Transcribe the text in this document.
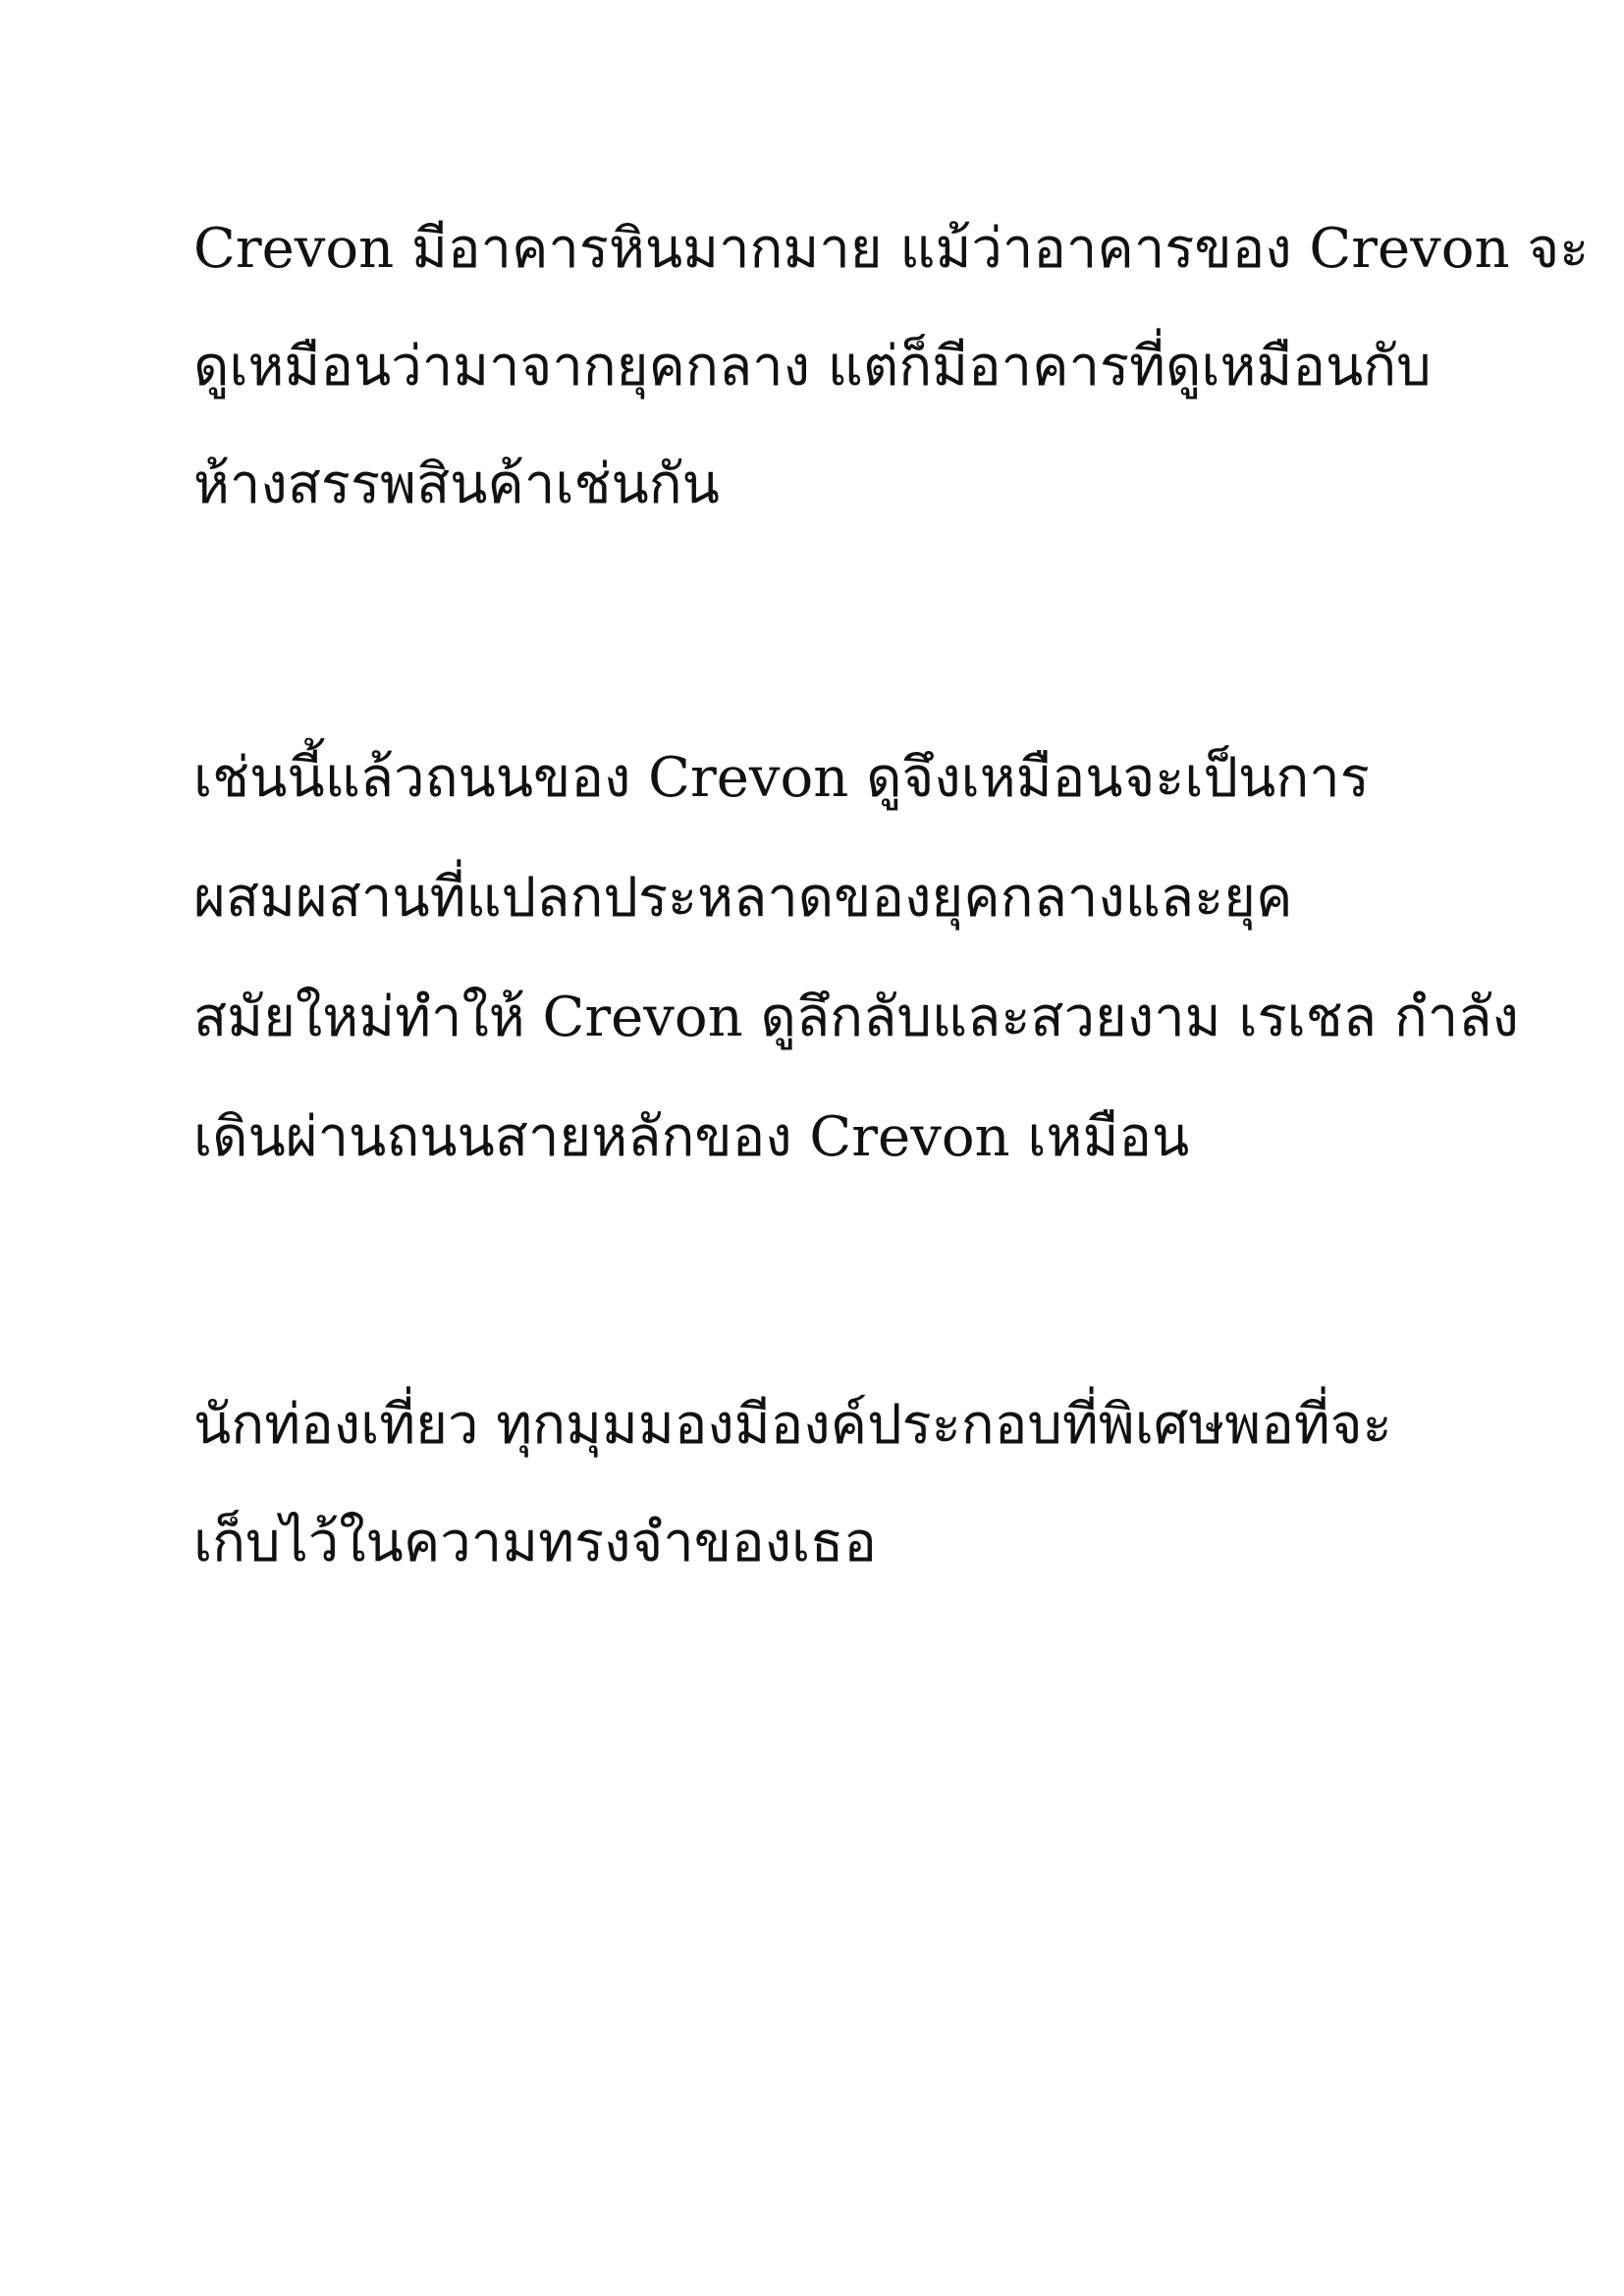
Crevon มีอาคารหินมากมาย แม้ว่าอาคารของ Crevon จะ
ดูเหมือนว่ามาจากยุคกลาง แต่ก็มีอาคารที่ดูเหมือนกับ
ห้างสรรพสินค้าเช่นกัน
เช่นนี้แล้วถนนของ Crevon ดูจึงเหมือนจะเป็นการ
ผสมผสานที่แปลกประหลาดของยุคกลางและยุค
สมัยใหม่ทำให้ Crevon ดูลึกลับและสวยงาม เรเชล กำลัง
เดินผ่านถนนสายหลักของ Crevon เหมือน
นักท่องเที่ยว ทุกมุมมองมีองค์ประกอบที่พิเศษพอที่จะ
เก็บไว้ในความทรงจำของเธอ
